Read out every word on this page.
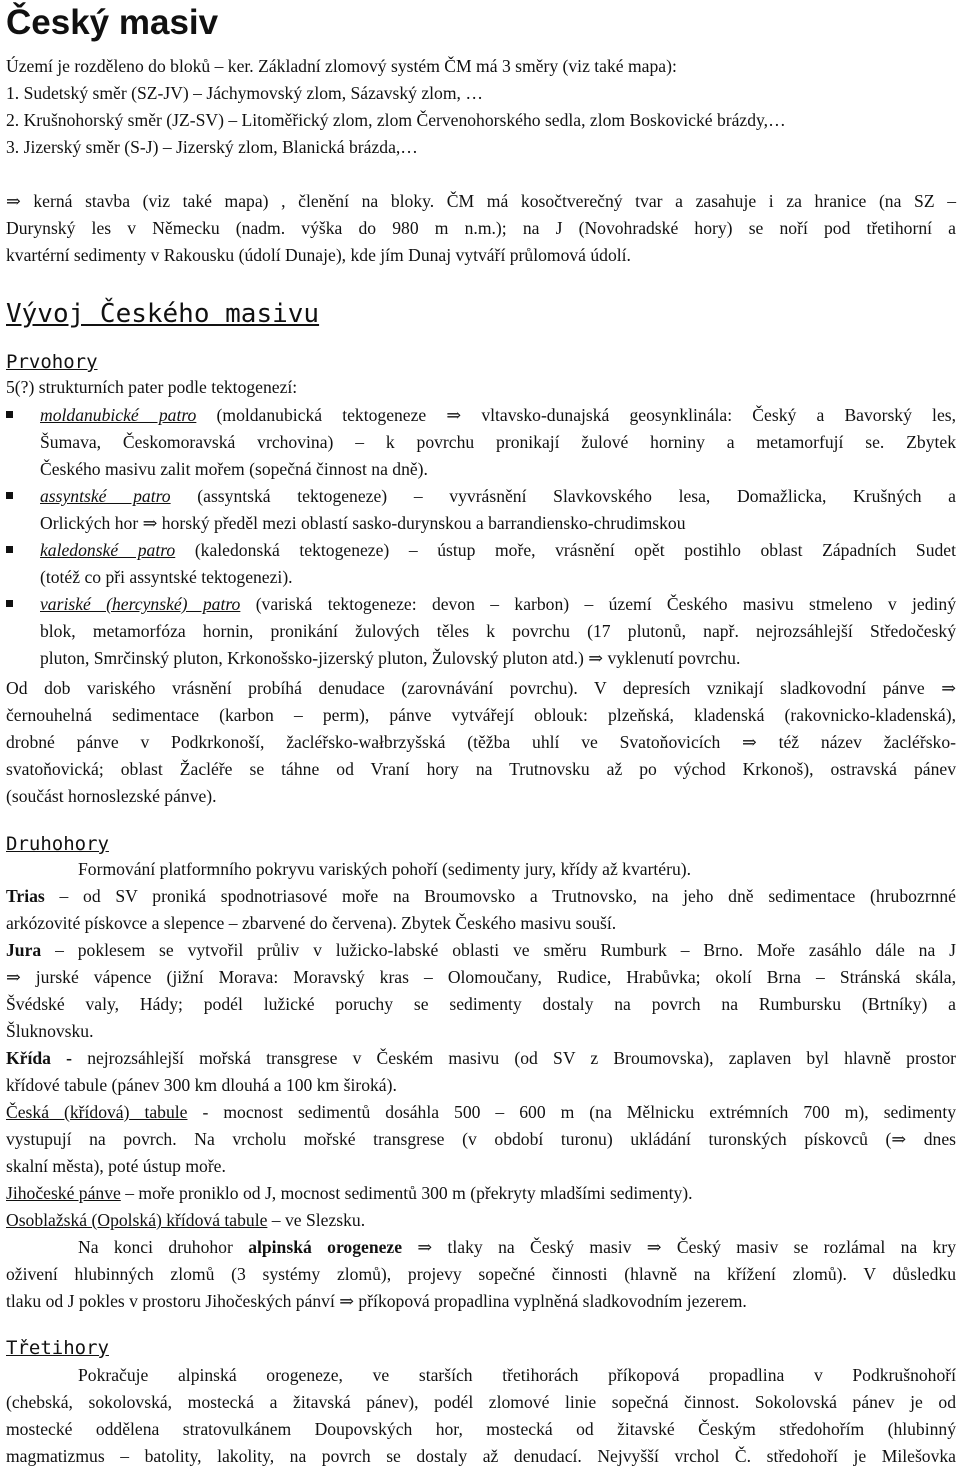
Český masiv
Území je rozděleno do bloků – ker. Základní zlomový systém ČM má 3 směry (viz také mapa):
1. Sudetský směr (SZ-JV) – Jáchymovský zlom, Sázavský zlom, …
2. Krušnohorský směr (JZ-SV) – Litoměřický zlom, zlom Červenohorského sedla, zlom Boskovické brázdy,…
3. Jizerský směr (S-J) – Jizerský zlom, Blanická brázda,…
⇒ kerná stavba (viz také mapa) , členění na bloky. ČM má kosočtverečný tvar a zasahuje i za hranice (na SZ –
Durynský les v Německu (nadm. výška do 980 m n.m.); na J (Novohradské hory) se noří pod třetihorní a
kvartérní sedimenty v Rakousku (údolí Dunaje), kde jím Dunaj vytváří průlomová údolí.
Vývoj Českého masivu
Prvohory
5(?) strukturních pater podle tektogenezí:
moldanubické patro (moldanubická tektogeneze ⇒ vltavsko-dunajská geosynklinála: Český a Bavorský les,
Šumava, Českomoravská vrchovina) – k povrchu pronikají žulové horniny a metamorfují se. Zbytek
Českého masivu zalit mořem (sopečná činnost na dně).
assyntské patro (assyntská tektogeneze) – vyvrásnění Slavkovského lesa, Domažlicka, Krušných a
Orlických hor ⇒ horský předěl mezi oblastí sasko-durynskou a barrandiensko-chrudimskou
kaledonské patro (kaledonská tektogeneze) – ústup moře, vrásnění opět postihlo oblast Západních Sudet
(totéž co při assyntské tektogenezi).
variské (hercynské) patro (variská tektogeneze: devon – karbon) – území Českého masivu stmeleno v jediný
blok, metamorfóza hornin, pronikání žulových těles k povrchu (17 plutonů, např. nejrozsáhlejší Středočeský
pluton, Smrčinský pluton, Krkonošsko-jizerský pluton, Žulovský pluton atd.) ⇒ vyklenutí povrchu.
Od dob variského vrásnění probíhá denudace (zarovnávání povrchu). V depresích vznikají sladkovodní pánve ⇒
černouhelná sedimentace (karbon – perm), pánve vytvářejí oblouk: plzeňská, kladenská (rakovnicko-kladenská),
drobné pánve v Podkrkonoší, žacléřsko-wałbrzyšská (těžba uhlí ve Svatoňovicích ⇒ též název žacléřsko-
svatoňovická; oblast Žacléře se táhne od Vraní hory na Trutnovsku až po východ Krkonoš), ostravská pánev
(součást hornoslezské pánve).
Druhohory
Formování platformního pokryvu variských pohoří (sedimenty jury, křídy až kvartéru).
Trias – od SV proniká spodnotriasové moře na Broumovsko a Trutnovsko, na jeho dně sedimentace (hrubozrnné
arkózovité pískovce a slepence – zbarvené do červena). Zbytek Českého masivu souší.
Jura – poklesem se vytvořil průliv v lužicko-labské oblasti ve směru Rumburk – Brno. Moře zasáhlo dále na J
⇒ jurské vápence (jižní Morava: Moravský kras – Olomoučany, Rudice, Hrabůvka; okolí Brna – Stránská skála,
Švédské valy, Hády; podél lužické poruchy se sedimenty dostaly na povrch na Rumbursku (Brtníky) a
Šluknovsku.
Křída - nejrozsáhlejší mořská transgrese v Českém masivu (od SV z Broumovska), zaplaven byl hlavně prostor
křídové tabule (pánev 300 km dlouhá a 100 km široká).
Česká (křídová) tabule - mocnost sedimentů dosáhla 500 – 600 m (na Mělnicku extrémních 700 m), sedimenty
vystupují na povrch. Na vrcholu mořské transgrese (v období turonu) ukládání turonských pískovců (⇒ dnes
skalní města), poté ústup moře.
Jihočeské pánve – moře proniklo od J, mocnost sedimentů 300 m (překryty mladšími sedimenty).
Osoblažská (Opolská) křídová tabule – ve Slezsku.
Na konci druhohor alpinská orogeneze ⇒ tlaky na Český masiv ⇒ Český masiv se rozlámal na kry
oživení hlubinných zlomů (3 systémy zlomů), projevy sopečné činnosti (hlavně na křížení zlomů). V důsledku
tlaku od J pokles v prostoru Jihočeských pánví ⇒ příkopová propadlina vyplněná sladkovodním jezerem.
Třetihory
Pokračuje alpinská orogeneze, ve starších třetihorách příkopová propadlina v Podkrušnohoří
(chebská, sokolovská, mostecká a žitavská pánev), podél zlomové linie sopečná činnost. Sokolovská pánev je od
mostecké oddělena stratovulkánem Doupovských hor, mostecká od žitavské Českým středohořím (hlubinný
magmatizmus – batolity, lakolity, na povrch se dostaly až denudací. Nejvyšší vrchol Č. středohoří je Milešovka
